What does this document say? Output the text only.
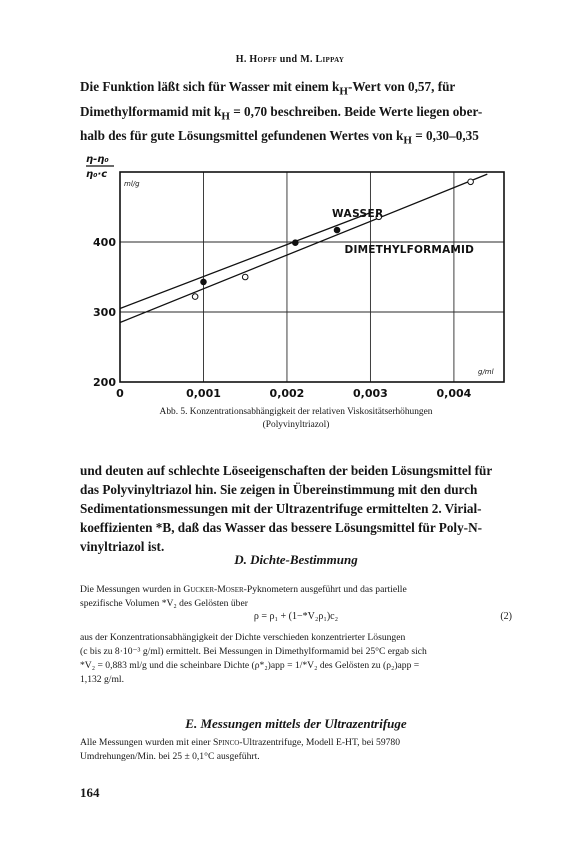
H. Hopff und M. Lippay
Die Funktion läßt sich für Wasser mit einem $k_H$-Wert von 0,57, für
Dimethylformamid mit $k_H = 0,70$ beschreiben. Beide Werte liegen ober-
halb des für gute Lösungsmittel gefundenen Wertes von $k_H = 0,30-0,35$
η-η₀
η₀·c
ml/g
g/ml
0	0,001	0,002	0,003	0,004
200
300
400
WASSER
DIMETHYLFORMAMID
Abb. 5. Konzentrationsabhängigkeit der relativen Viskositätserhöhungen
(Polyvinyltriazol)
und deuten auf schlechte Löseeigenschaften der beiden Lösungsmittel für
das Polyvinyltriazol hin. Sie zeigen in Übereinstimmung mit den durch
Sedimentationsmessungen mit der Ultrazentrifuge ermittelten 2. Virial-
koeffizienten *B, daß das Wasser das bessere Lösungsmittel für Poly-N-
vinyltriazol ist.
D. Dichte-Bestimmung
Die Messungen wurden in Gucker-Moser-Pyknometern ausgeführt und das partielle
spezifische Volumen *V₂ des Gelösten über
ρ = ρ₁ + (1−*V₂ρ₁)c₂	(2)
aus der Konzentrationsabhängigkeit der Dichte verschieden konzentrierter Lösungen
(c bis zu 8·10⁻³ g/ml) ermittelt. Bei Messungen in Dimethylformamid bei 25°C ergab sich
*V₂ = 0,883 ml/g und die scheinbare Dichte (ρ*₂)app = 1/*V₂ des Gelösten zu (ρ₂)app =
1,132 g/ml.
E. Messungen mittels der Ultrazentrifuge
Alle Messungen wurden mit einer Spinco-Ultrazentrifuge, Modell E-HT, bei 59780
Umdrehungen/Min. bei 25 ± 0,1°C ausgeführt.
164
